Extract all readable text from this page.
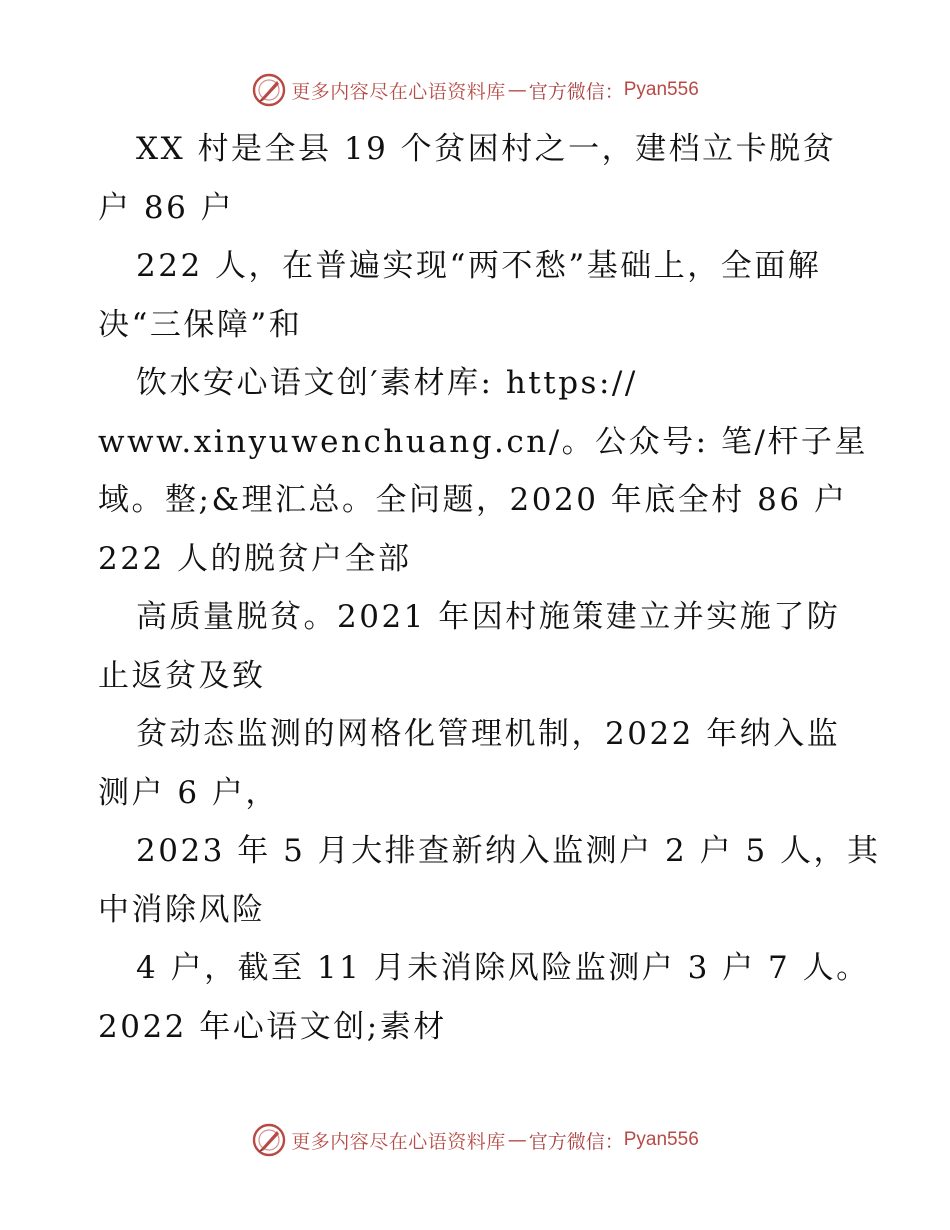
更多内容尽在心语资料库 — 官方微信： Pyan556
XX 村是全县 19 个贫困村之一，建档立卡脱贫
户 86 户
222 人，在普遍实现“两不愁”基础上，全面解
决“三保障”和
饮水安心语文创′素材库: https://
www.xinyuwenchuang.cn/。公众号: 笔/杆子星
域。整;&理汇总。全问题，2020 年底全村 86 户
222 人的脱贫户全部
高质量脱贫。2021 年因村施策建立并实施了防
止返贫及致
贫动态监测的网格化管理机制，2022 年纳入监
测户 6 户，
2023 年 5 月大排查新纳入监测户 2 户 5 人，其
中消除风险
4 户，截至 11 月未消除风险监测户 3 户 7 人。
2022 年心语文创;素材
更多内容尽在心语资料库 — 官方微信： Pyan556
